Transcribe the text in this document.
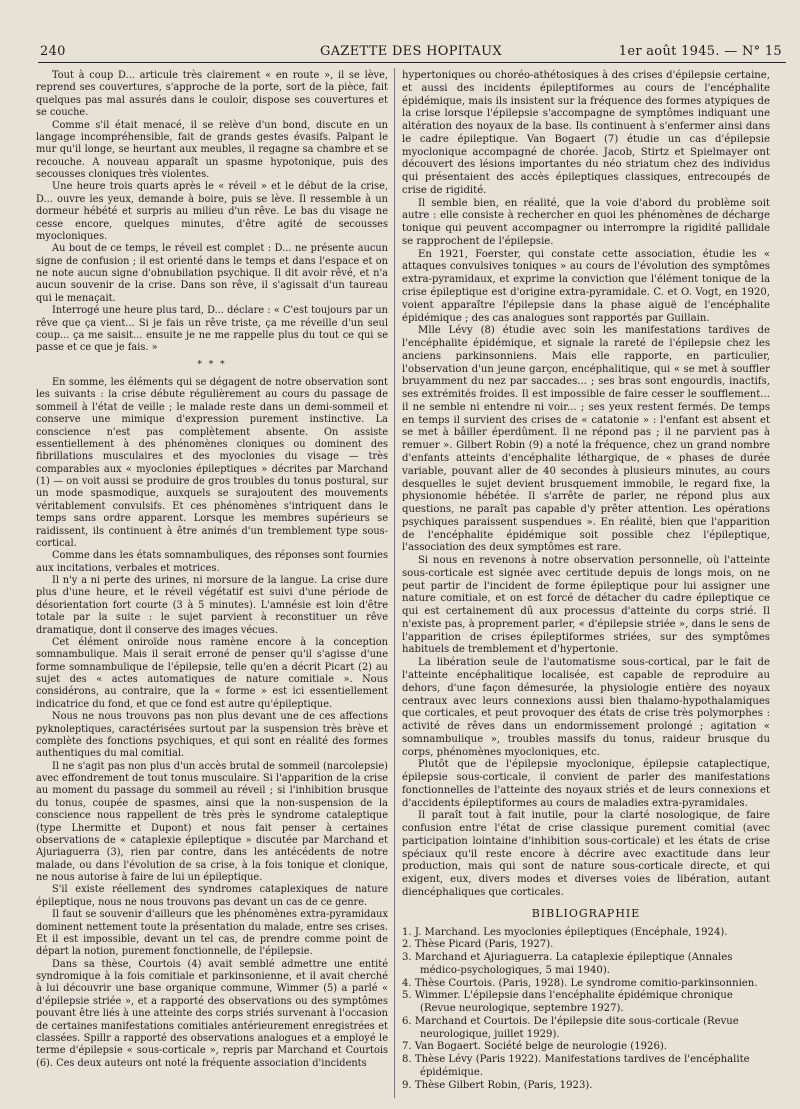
240	GAZETTE DES HOPITAUX	1er août 1945. — N° 15

Tout à coup D... articule très clairement « en route », il se lève, reprend ses couvertures, s'approche de la porte, sort de la pièce, fait quelques pas mal assurés dans le couloir, dispose ses couvertures et se couche.

Comme s'il était menacé, il se relève d'un bond, discute en un langage incompréhensible, fait de grands gestes évasifs. Palpant le mur qu'il longe, se heurtant aux meubles, il regagne sa chambre et se recouche. A nouveau apparaît un spasme hypotonique, puis des secousses cloniques très violentes.

Une heure trois quarts après le « réveil » et le début de la crise, D... ouvre les yeux, demande à boire, puis se lève. Il ressemble à un dormeur hébété et surpris au milieu d'un rêve. Le bas du visage ne cesse encore, quelques minutes, d'être agité de secousses myocloniques.

Au bout de ce temps, le réveil est complet : D... ne présente aucun signe de confusion ; il est orienté dans le temps et dans l'espace et on ne note aucun signe d'obnubilation psychique. Il dit avoir rêvé, et n'a aucun souvenir de la crise. Dans son rêve, il s'agissait d'un taureau qui le menaçait.

Interrogé une heure plus tard, D... déclare : « C'est toujours par un rêve que ça vient... Si je fais un rêve triste, ça me réveille d'un seul coup... ça me saisit... ensuite je ne me rappelle plus du tout ce qui se passe et ce que je fais. »

* * *

En somme, les éléments qui se dégagent de notre observation sont les suivants : la crise débute régulièrement au cours du passage de sommeil à l'état de veille ; le malade reste dans un demi-sommeil et conserve une mimique d'expression purement instinctive. La conscience n'est pas complètement absente. On assiste essentiellement à des phénomènes cloniques ou dominent des fibrillations musculaires et des myoclonies du visage — très comparables aux « myoclonies épileptiques » décrites par Marchand (1) — on voit aussi se produire de gros troubles du tonus postural, sur un mode spasmodique, auxquels se surajoutent des mouvements véritablement convulsifs. Et ces phénomènes s'intriquent dans le temps sans ordre apparent. Lorsque les membres supérieurs se raidissent, ils continuent à être animés d'un tremblement type sous-cortical.

Comme dans les états somnambuliques, des réponses sont fournies aux incitations, verbales et motrices.

Il n'y a ni perte des urines, ni morsure de la langue. La crise dure plus d'une heure, et le réveil végétatif est suivi d'une période de désorientation fort courte (3 à 5 minutes). L'amnésie est loin d'être totale par la suite : le sujet parvient à reconstituer un rêve dramatique, dont il conserve des images vécues.

Cet élément oniroïde nous ramène encore à la conception somnambulique. Mais il serait erroné de penser qu'il s'agisse d'une forme somnambulique de l'épilepsie, telle qu'en a décrit Picart (2) au sujet des « actes automatiques de nature comitiale ». Nous considérons, au contraire, que la « forme » est ici essentiellement indicatrice du fond, et que ce fond est autre qu'épileptique.

Nous ne nous trouvons pas non plus devant une de ces affections pyknoleptiques, caractérisées surtout par la suspension très brève et complète des fonctions psychiques, et qui sont en réalité des formes authentiques du mal comitial.

Il ne s'agit pas non plus d'un accès brutal de sommeil (narcolepsie) avec effondrement de tout tonus musculaire. Si l'apparition de la crise au moment du passage du sommeil au réveil ; si l'inhibition brusque du tonus, coupée de spasmes, ainsi que la non-suspension de la conscience nous rappellent de très près le syndrome cataleptique (type Lhermitte et Dupont) et nous fait penser à certaines observations de « cataplexie épileptique » discutée par Marchand et Ajuriaguerra (3), rien par contre, dans les antécédents de notre malade, ou dans l'évolution de sa crise, à la fois tonique et clonique, ne nous autorise à faire de lui un épileptique.

S'il existe réellement des syndromes cataplexiques de nature épileptique, nous ne nous trouvons pas devant un cas de ce genre.

Il faut se souvenir d'ailleurs que les phénomènes extra-pyramidaux dominent nettement toute la présentation du malade, entre ses crises. Et il est impossible, devant un tel cas, de prendre comme point de départ la notion, purement fonctionnelle, de l'épilepsie.

Dans sa thèse, Courtois (4) avait semblé admettre une entité syndromique à la fois comitiale et parkinsonienne, et il avait cherché à lui découvrir une base organique commune, Wimmer (5) a parlé « d'épilepsie striée », et a rapporté des observations ou des symptômes pouvant être liés à une atteinte des corps striés survenant à l'occasion de certaines manifestations comitiales antérieurement enregistrées et classées. Spillr a rapporté des observations analogues et a employé le terme d'épilepsie « sous-corticale », repris par Marchand et Courtois (6). Ces deux auteurs ont noté la fréquente association d'incidents

hypertoniques ou choréo-athétosiques à des crises d'épilepsie certaine, et aussi des incidents épileptiformes au cours de l'encéphalite épidémique, mais ils insistent sur la fréquence des formes atypiques de la crise lorsque l'épilepsie s'accompagne de symptômes indiquant une altération des noyaux de la base. Ils continuent à s'enfermer ainsi dans le cadre épileptique. Van Bogaert (7) étudie un cas d'épilepsie myoclonique accompagné de chorée. Jacob, Stirtz et Spielmayer ont découvert des lésions importantes du néo striatum chez des individus qui présentaient des accès épileptiques classiques, entrecoupés de crise de rigidité.

Il semble bien, en réalité, que la voie d'abord du problème soit autre : elle consiste à rechercher en quoi les phénomènes de décharge tonique qui peuvent accompagner ou interrompre la rigidité pallidale se rapprochent de l'épilepsie.

En 1921, Foerster, qui constate cette association, étudie les « attaques convulsives toniques » au cours de l'évolution des symptômes extra-pyramidaux, et exprime la conviction que l'élément tonique de la crise épileptique est d'origine extra-pyramidale. C. et O. Vogt, en 1920, voient apparaître l'épilepsie dans la phase aiguë de l'encéphalite épidémique ; des cas analogues sont rapportés par Guillain.

Mlle Lévy (8) étudie avec soin les manifestations tardives de l'encéphalite épidémique, et signale la rareté de l'épilepsie chez les anciens parkinsonniens. Mais elle rapporte, en particulier, l'observation d'un jeune garçon, encéphalitique, qui « se met à souffler bruyamment du nez par saccades... ; ses bras sont engourdis, inactifs, ses extrémités froides. Il est impossible de faire cesser le soufflement... il ne semble ni entendre ni voir... ; ses yeux restent fermés. De temps en temps il survient des crises de « catatonie » : l'enfant est absent et se met à bâiller éperdûment. Il ne répond pas ; il ne parvient pas à remuer ». Gilbert Robin (9) a noté la fréquence, chez un grand nombre d'enfants atteints d'encéphalite léthargique, de « phases de durée variable, pouvant aller de 40 secondes à plusieurs minutes, au cours desquelles le sujet devient brusquement immobile, le regard fixe, la physionomie hébétée. Il s'arrête de parler, ne répond plus aux questions, ne paraît pas capable d'y prêter attention. Les opérations psychiques paraissent suspendues ». En réalité, bien que l'apparition de l'encéphalite épidémique soit possible chez l'épileptique, l'association des deux symptômes est rare.

Si nous en revenons à notre observation personnelle, où l'atteinte sous-corticale est signée avec certitude depuis de longs mois, on ne peut partir de l'incident de forme épileptique pour lui assigner une nature comitiale, et on est forcé de détacher du cadre épileptique ce qui est certainement dû aux processus d'atteinte du corps strié. Il n'existe pas, à proprement parler, « d'épilepsie striée », dans le sens de l'apparition de crises épileptiformes striées, sur des symptômes habituels de tremblement et d'hypertonie.

La libération seule de l'automatisme sous-cortical, par le fait de l'atteinte encéphalitique localisée, est capable de reproduire au dehors, d'une façon démesurée, la physiologie entière des noyaux centraux avec leurs connexions aussi bien thalamo-hypothalamiques que corticales, et peut provoquer des états de crise très polymorphes : activité de rêves dans un endormissement prolongé ; agitation « somnambulique », troubles massifs du tonus, raideur brusque du corps, phénomènes myocloniques, etc.

Plutôt que de l'épilepsie myoclonique, épilepsie cataplectique, épilepsie sous-corticale, il convient de parler des manifestations fonctionnelles de l'atteinte des noyaux striés et de leurs connexions et d'accidents épileptiformes au cours de maladies extra-pyramidales.

Il paraît tout à fait inutile, pour la clarté nosologique, de faire confusion entre l'état de crise classique purement comitial (avec participation lointaine d'inhibition sous-corticale) et les états de crise spéciaux qu'il reste encore à décrire avec exactitude dans leur production, mais qui sont de nature sous-corticale directe, et qui exigent, eux, divers modes et diverses voies de libération, autant diencéphaliques que corticales.

BIBLIOGRAPHIE
1. J. Marchand. Les myoclonies épileptiques (Encéphale, 1924).
2. Thèse Picard (Paris, 1927).
3. Marchand et Ajuriaguerra. La cataplexie épileptique (Annales médico-psychologiques, 5 mai 1940).
4. Thèse Courtois. (Paris, 1928). Le syndrome comitio-parkinsonnien.
5. Wimmer. L'épilepsie dans l'encéphalite épidémique chronique (Revue neurologique, septembre 1927).
6. Marchand et Courtois. De l'épilepsie dite sous-corticale (Revue neurologique, juillet 1929).
7. Van Bogaert. Société belge de neurologie (1926).
8. Thèse Lévy (Paris 1922). Manifestations tardives de l'encéphalite épidémique.
9. Thèse Gilbert Robin, (Paris, 1923).
